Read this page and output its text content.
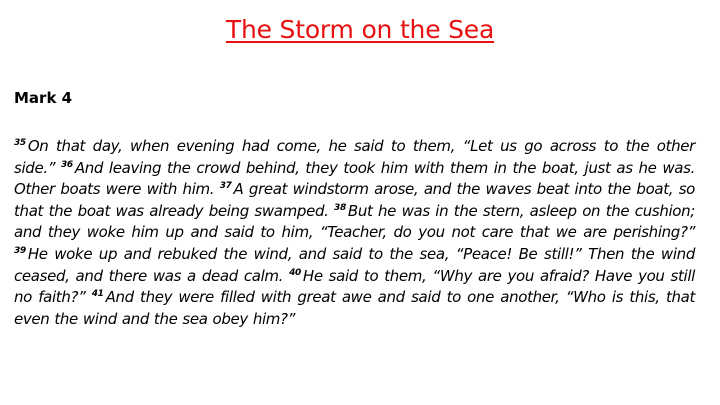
The Storm on the Sea
Mark 4

$^{35}$ On that day, when evening had come, he said to them, “Let us go across to the other side.” $^{36}$ And leaving the crowd behind, they took him with them in the boat, just as he was. Other boats were with him. $^{37}$ A great windstorm arose, and the waves beat into the boat, so that the boat was already being swamped. $^{38}$ But he was in the stern, asleep on the cushion; and they woke him up and said to him, “Teacher, do you not care that we are perishing?” $^{39}$ He woke up and rebuked the wind, and said to the sea, “Peace! Be still!” Then the wind ceased, and there was a dead calm. $^{40}$ He said to them, “Why are you afraid? Have you still no faith?” $^{41}$ And they were filled with great awe and said to one another, “Who is this, that even the wind and the sea obey him?”
